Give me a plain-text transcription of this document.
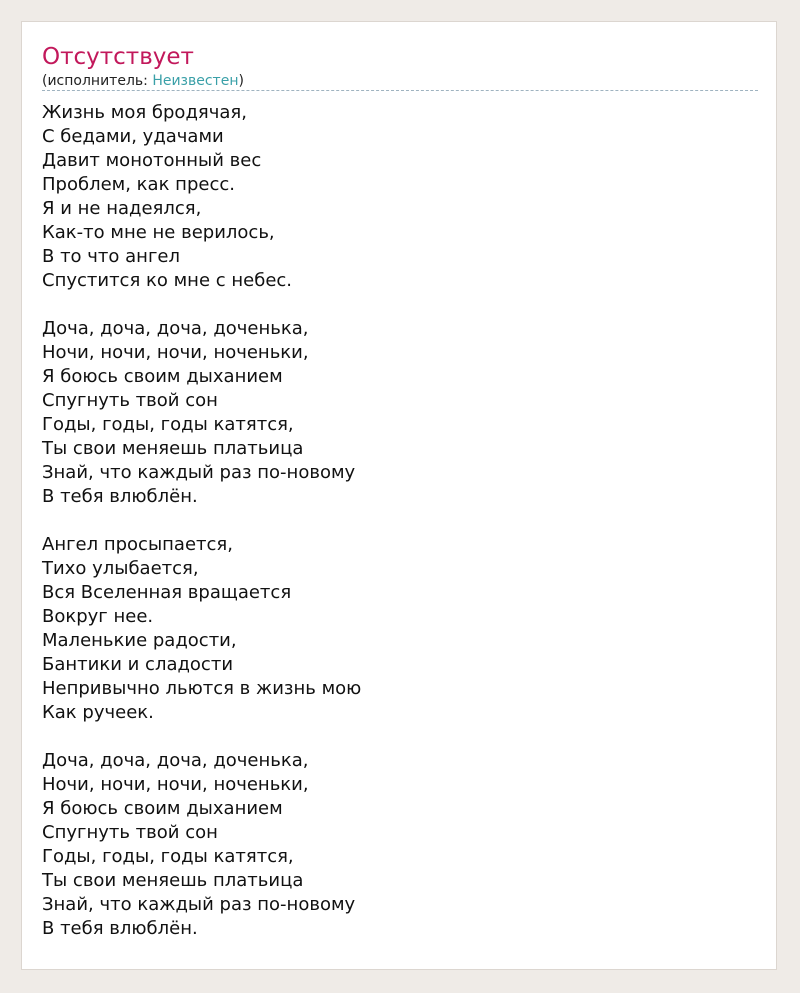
Отсутствует
(исполнитель: Неизвестен)
Жизнь моя бродячая,
С бедами, удачами
Давит монотонный вес
Проблем, как пресс.
Я и не надеялся,
Как-то мне не верилось,
В то что ангел
Спустится ко мне с небес.
Доча, доча, доча, доченька,
Ночи, ночи, ночи, ноченьки,
Я боюсь своим дыханием
Спугнуть твой сон
Годы, годы, годы катятся,
Ты свои меняешь платьица
Знай, что каждый раз по-новому
В тебя влюблён.
Ангел просыпается,
Тихо улыбается,
Вся Вселенная вращается
Вокруг нее.
Маленькие радости,
Бантики и сладости
Непривычно льются в жизнь мою
Как ручеек.
Доча, доча, доча, доченька,
Ночи, ночи, ночи, ноченьки,
Я боюсь своим дыханием
Спугнуть твой сон
Годы, годы, годы катятся,
Ты свои меняешь платьица
Знай, что каждый раз по-новому
В тебя влюблён.
